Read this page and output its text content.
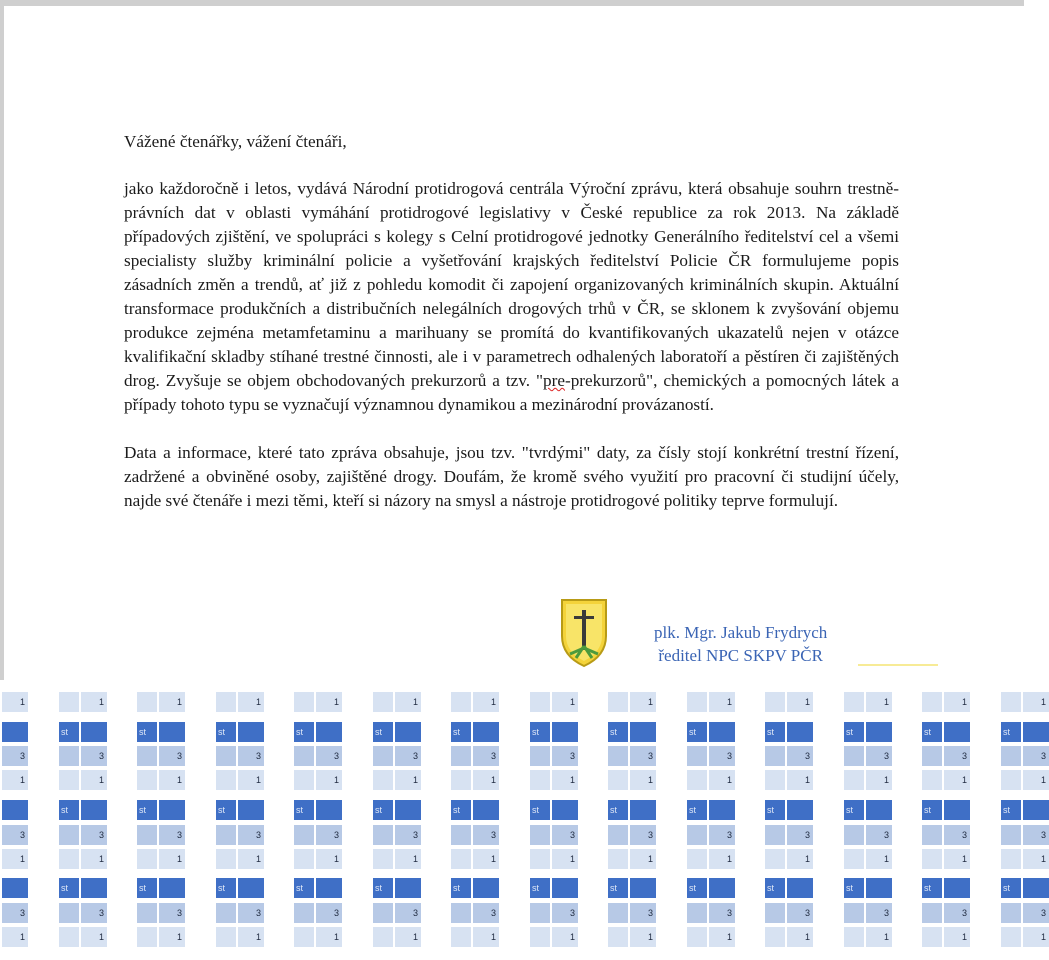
Vážené čtenářky, vážení čtenáři,

jako každoročně i letos, vydává Národní protidrogová centrála Výroční zprávu, která obsahuje souhrn trestně-právních dat v oblasti vymáhání protidrogové legislativy v České republice za rok 2013. Na základě případových zjištění, ve spolupráci s kolegy s Celní protidrogové jednotky Generálního ředitelství cel a všemi specialisty služby kriminální policie a vyšetřování krajských ředitelství Policie ČR formulujeme popis zásadních změn a trendů, ať již z pohledu komodit či zapojení organizovaných kriminálních skupin. Aktuální transformace produkčních a distribučních nelegálních drogových trhů v ČR, se sklonem k zvyšování objemu produkce zejména metamfetaminu a marihuany se promítá do kvantifikovaných ukazatelů nejen v otázce kvalifikační skladby stíhané trestné činnosti, ale i v parametrech odhalených laboratoří a pěstíren či zajištěných drog. Zvyšuje se objem obchodovaných prekurzorů a tzv. "pre-prekurzorů", chemických a pomocných látek a případy tohoto typu se vyznačují významnou dynamikou a mezinárodní provázaností.

Data a informace, které tato zpráva obsahuje, jsou tzv. "tvrdými" daty, za čísly stojí konkrétní trestní řízení, zadržené a obviněné osoby, zajištěné drogy. Doufám, že kromě svého využití pro pracovní či studijní účely, najde své čtenáře i mezi těmi, kteří si názory na smysl a nástroje protidrogové politiky teprve formulují.

plk. Mgr. Jakub Frydrych
ředitel NPC SKPV PČR
1
3
1
3
1
3
1
1
st
3
1
st
3
1
st
3
1
1
st
3
1
st
3
1
st
3
1
1
st
3
1
st
3
1
st
3
1
1
st
3
1
st
3
1
st
3
1
1
st
3
1
st
3
1
st
3
1
1
st
3
1
st
3
1
st
3
1
1
st
3
1
st
3
1
st
3
1
1
st
3
1
st
3
1
st
3
1
1
st
3
1
st
3
1
st
3
1
1
st
3
1
st
3
1
st
3
1
1
st
3
1
st
3
1
st
3
1
1
st
3
1
st
3
1
st
3
1
1
st
3
1
st
3
1
st
3
1
